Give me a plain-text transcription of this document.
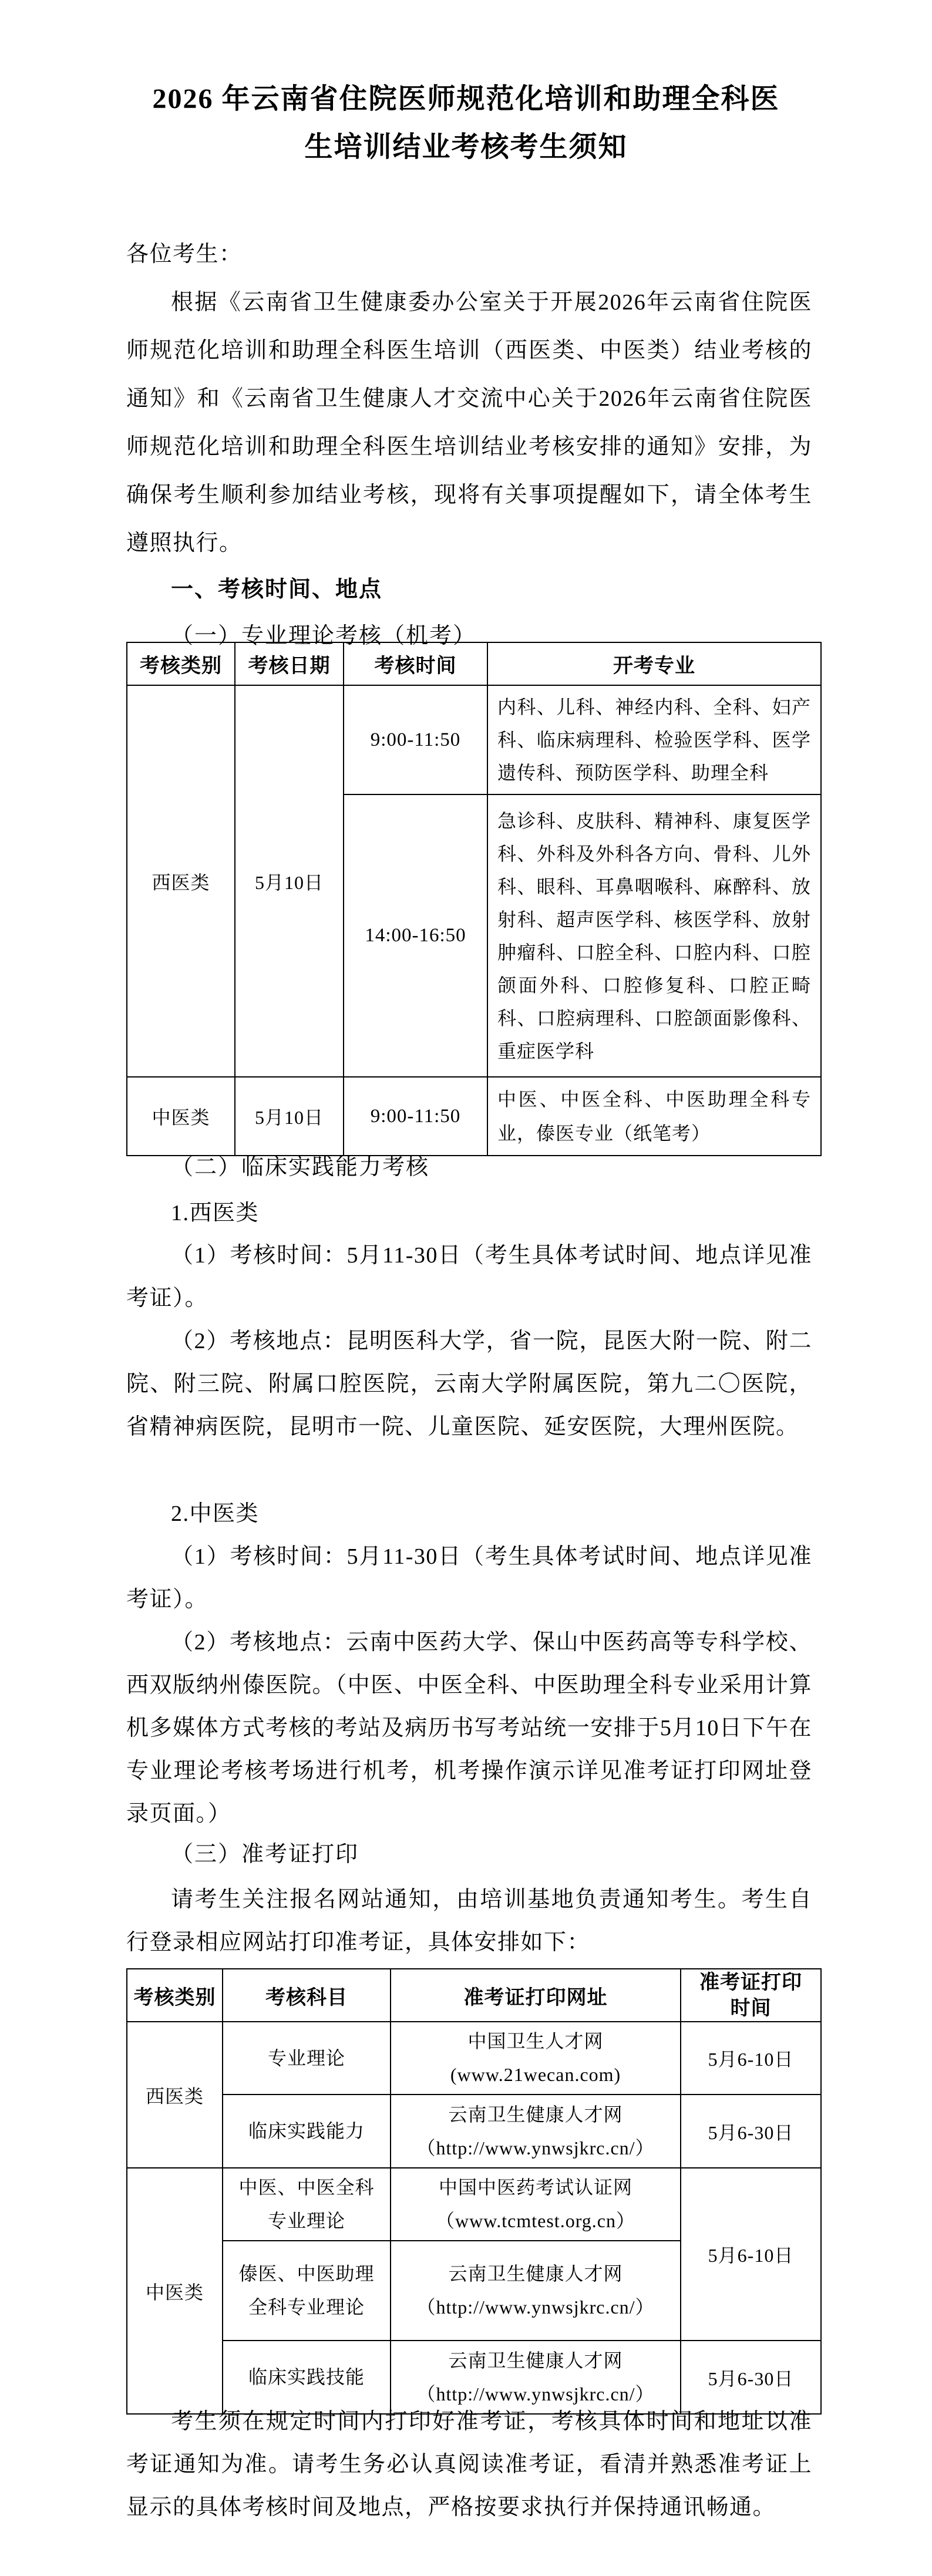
2026 年云南省住院医师规范化培训和助理全科医生培训结业考核考生须知
各位考生：
根据《云南省卫生健康委办公室关于开展2026年云南省住院医师规范化培训和助理全科医生培训（西医类、中医类）结业考核的通知》和《云南省卫生健康人才交流中心关于2026年云南省住院医师规范化培训和助理全科医生培训结业考核安排的通知》安排，为确保考生顺利参加结业考核，现将有关事项提醒如下，请全体考生遵照执行。
一、考核时间、地点
（一）专业理论考核（机考）
考核类别	考核日期	考核时间	开考专业
西医类	5月10日	9:00-11:50	内科、儿科、神经内科、全科、妇产科、临床病理科、检验医学科、医学遗传科、预防医学科、助理全科
		14:00-16:50	急诊科、皮肤科、精神科、康复医学科、外科及外科各方向、骨科、儿外科、眼科、耳鼻咽喉科、麻醉科、放射科、超声医学科、核医学科、放射肿瘤科、口腔全科、口腔内科、口腔颌面外科、口腔修复科、口腔正畸科、口腔病理科、口腔颌面影像科、重症医学科
中医类	5月10日	9:00-11:50	中医、中医全科、中医助理全科专业，傣医专业（纸笔考）
（二）临床实践能力考核
1.西医类
（1）考核时间：5月11-30日（考生具体考试时间、地点详见准考证）。
（2）考核地点：昆明医科大学，省一院，昆医大附一院、附二院、附三院、附属口腔医院，云南大学附属医院，第九二〇医院，省精神病医院，昆明市一院、儿童医院、延安医院，大理州医院。
2.中医类
（1）考核时间：5月11-30日（考生具体考试时间、地点详见准考证）。
（2）考核地点：云南中医药大学、保山中医药高等专科学校、西双版纳州傣医院。（中医、中医全科、中医助理全科专业采用计算机多媒体方式考核的考站及病历书写考站统一安排于5月10日下午在专业理论考核考场进行机考，机考操作演示详见准考证打印网址登录页面。）
（三）准考证打印
请考生关注报名网站通知，由培训基地负责通知考生。考生自行登录相应网站打印准考证，具体安排如下：
考核类别	考核科目	准考证打印网址	准考证打印时间

西医类	专业理论	中国卫生人才网
(www.21wecan.com)	5月6-10日
	临床实践能力	云南卫生健康人才网
（http://www.ynwsjkrc.cn/）	5月6-30日
中医类	中医、中医全科专业理论	中国中医药考试认证网
（www.tcmtest.org.cn）	5月6-10日
	傣医、中医助理全科专业理论	云南卫生健康人才网
（http://www.ynwsjkrc.cn/）	

	临床实践技能	云南卫生健康人才网
（http://www.ynwsjkrc.cn/）	5月6-30日
考生须在规定时间内打印好准考证，考核具体时间和地址以准考证通知为准。请考生务必认真阅读准考证，看清并熟悉准考证上显示的具体考核时间及地点，严格按要求执行并保持通讯畅通。
